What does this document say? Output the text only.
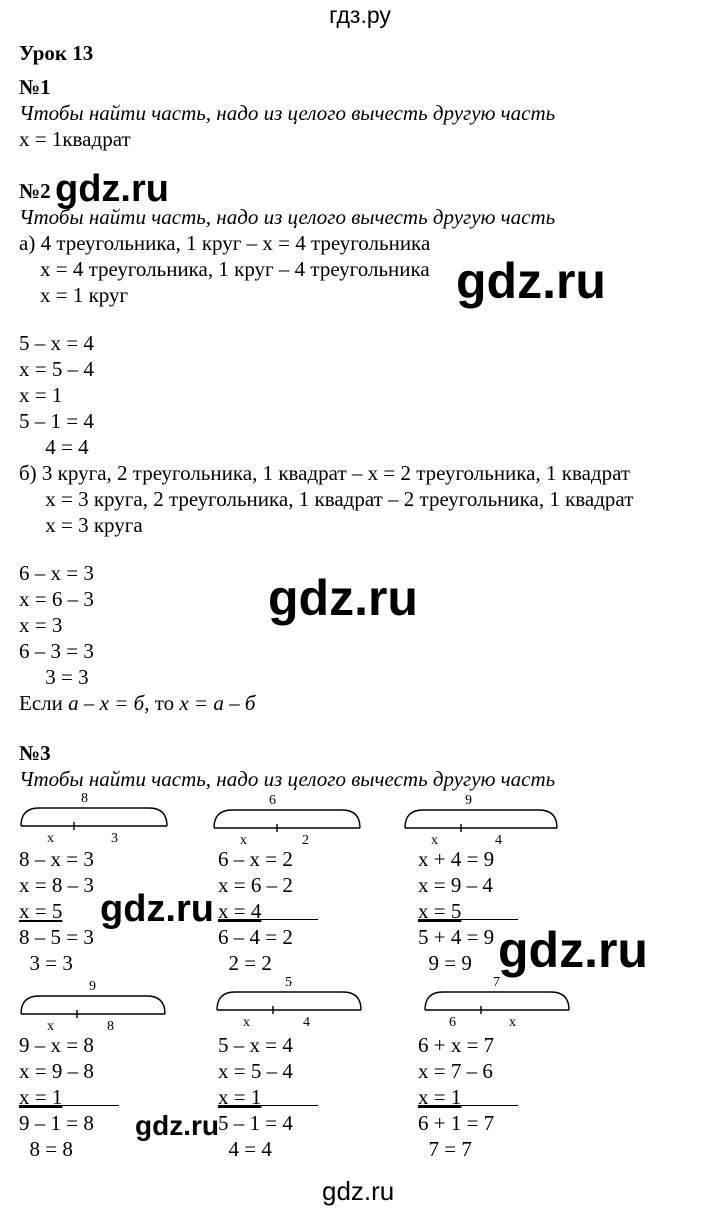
гдз.ру
Урок 13
№1
Чтобы найти часть, надо из целого вычесть другую часть
x = 1квадрат
№2 gdz.ru
Чтобы найти часть, надо из целого вычесть другую часть
а) 4 треугольника, 1 круг – x = 4 треугольника
x = 4 треугольника, 1 круг – 4 треугольника
x = 1 круг	gdz.ru
5 – x = 4
x = 5 – 4
x = 1
5 – 1 = 4
4 = 4
б) 3 круга, 2 треугольника, 1 квадрат – x = 2 треугольника, 1 квадрат
x = 3 круга, 2 треугольника, 1 квадрат – 2 треугольника, 1 квадрат
x = 3 круга
6 – x = 3
x = 6 – 3
x = 3
6 – 3 = 3
3 = 3
gdz.ru
Если а – x = б, то x = а – б
№3
Чтобы найти часть, надо из целого вычесть другую часть
8
x	3
8 – x = 3
x = 8 – 3
x = 5
8 – 5 = 3
3 = 3
6
x	2
6 – x = 2
x = 6 – 2
x = 4
6 – 4 = 2
2 = 2
9
x	4
x + 4 = 9
x = 9 – 4
x = 5
5 + 4 = 9
9 = 9
gdz.ru
gdz.ru
9
x	8
9 – x = 8
x = 9 – 8
x = 1
9 – 1 = 8
8 = 8
5
x	4
5 – x = 4
x = 5 – 4
x = 1
5 – 1 = 4
4 = 4
7
6	x
6 + x = 7
x = 7 – 6
x = 1
6 + 1 = 7
7 = 7
gdz.ru
gdz.ru
